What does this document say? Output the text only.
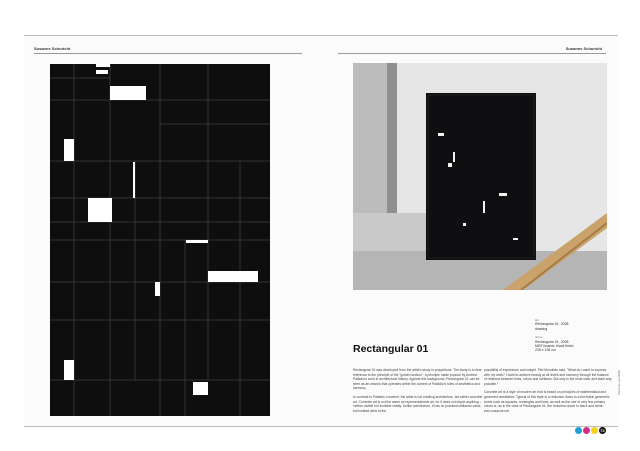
Susanne Schuricht	Susanne Schuricht
left
Rectangular 01, 2008
drawing
above
Rectangular 01, 2008
MDF boards, black finish
216 x 135 cm
Rectangular 01

Rectangular 01 was developed from the artist's study in proportions. The study is a clear reference to the principle of the "golden section", a principle made popular by Andrea Palladio's work in architectural history. Against this background, Rectangular 01 can be seen as an artwork that operates within the context of Palladio's rules of aesthetics and harmony.

In contrast to Palladio, however, the artist is not creating architecture, but rather concrete art. Concrete art is not the same as representational art, for it does not depict anything – neither visible nor invisible reality. Unlike architecture, it has no practical utilitarian value, but instead aims at the

possibility of experience and insight. Piet Mondrian said, "What do I want to express with my work? I want to achieve beauty at all levels and harmony through the balance of relations between lines, colors and surfaces. But only in the most clear and stark way possible."

Concrete art is a style of modern art that is based on principles of mathematical and geometric aesthetics. Typical of this style is a reduction down to a few basic geometric forms such as squares, rectangles and lines, as well as the use of very few primary colors or, as in the case of Rectangular 01, the reduction down to black and white. ecur.susanne.net

Photo by Jan Bitter
72
